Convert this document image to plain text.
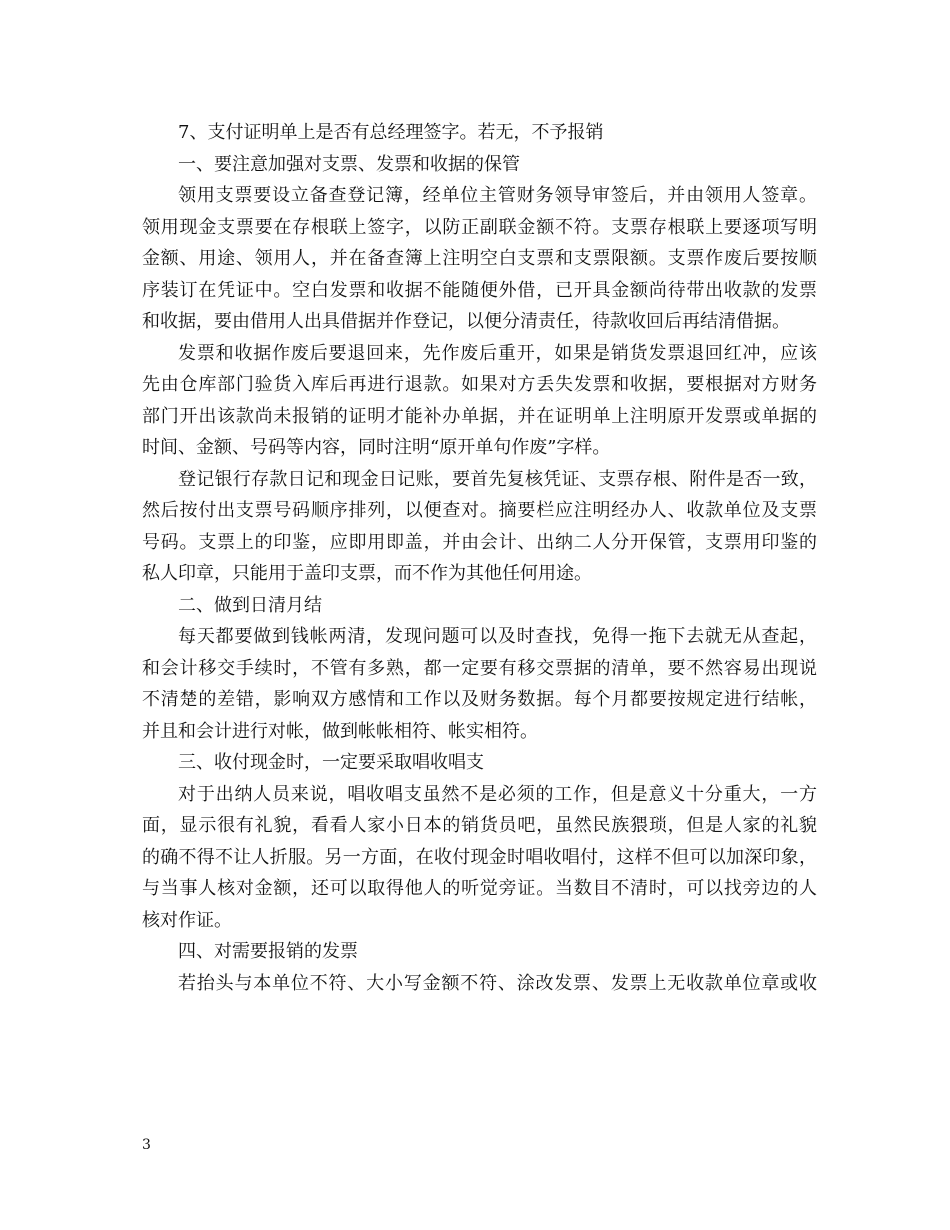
7、支付证明单上是否有总经理签字。若无，不予报销
一、要注意加强对支票、发票和收据的保管
领用支票要设立备查登记簿，经单位主管财务领导审签后，并由领用人签章。
领用现金支票要在存根联上签字，以防正副联金额不符。支票存根联上要逐项写明
金额、用途、领用人，并在备查簿上注明空白支票和支票限额。支票作废后要按顺
序装订在凭证中。空白发票和收据不能随便外借，已开具金额尚待带出收款的发票
和收据，要由借用人出具借据并作登记，以便分清责任，待款收回后再结清借据。
发票和收据作废后要退回来，先作废后重开，如果是销货发票退回红冲，应该
先由仓库部门验货入库后再进行退款。如果对方丢失发票和收据，要根据对方财务
部门开出该款尚未报销的证明才能补办单据，并在证明单上注明原开发票或单据的
时间、金额、号码等内容，同时注明“原开单句作废”字样。
登记银行存款日记和现金日记账，要首先复核凭证、支票存根、附件是否一致，
然后按付出支票号码顺序排列，以便查对。摘要栏应注明经办人、收款单位及支票
号码。支票上的印鉴，应即用即盖，并由会计、出纳二人分开保管，支票用印鉴的
私人印章，只能用于盖印支票，而不作为其他任何用途。
二、做到日清月结
每天都要做到钱帐两清，发现问题可以及时查找，免得一拖下去就无从查起，
和会计移交手续时，不管有多熟，都一定要有移交票据的清单，要不然容易出现说
不清楚的差错，影响双方感情和工作以及财务数据。每个月都要按规定进行结帐，
并且和会计进行对帐，做到帐帐相符、帐实相符。
三、收付现金时，一定要采取唱收唱支
对于出纳人员来说，唱收唱支虽然不是必须的工作，但是意义十分重大，一方
面，显示很有礼貌，看看人家小日本的销货员吧，虽然民族猥琐，但是人家的礼貌
的确不得不让人折服。另一方面，在收付现金时唱收唱付，这样不但可以加深印象，
与当事人核对金额，还可以取得他人的听觉旁证。当数目不清时，可以找旁边的人
核对作证。
四、对需要报销的发票
若抬头与本单位不符、大小写金额不符、涂改发票、发票上无收款单位章或收
3
